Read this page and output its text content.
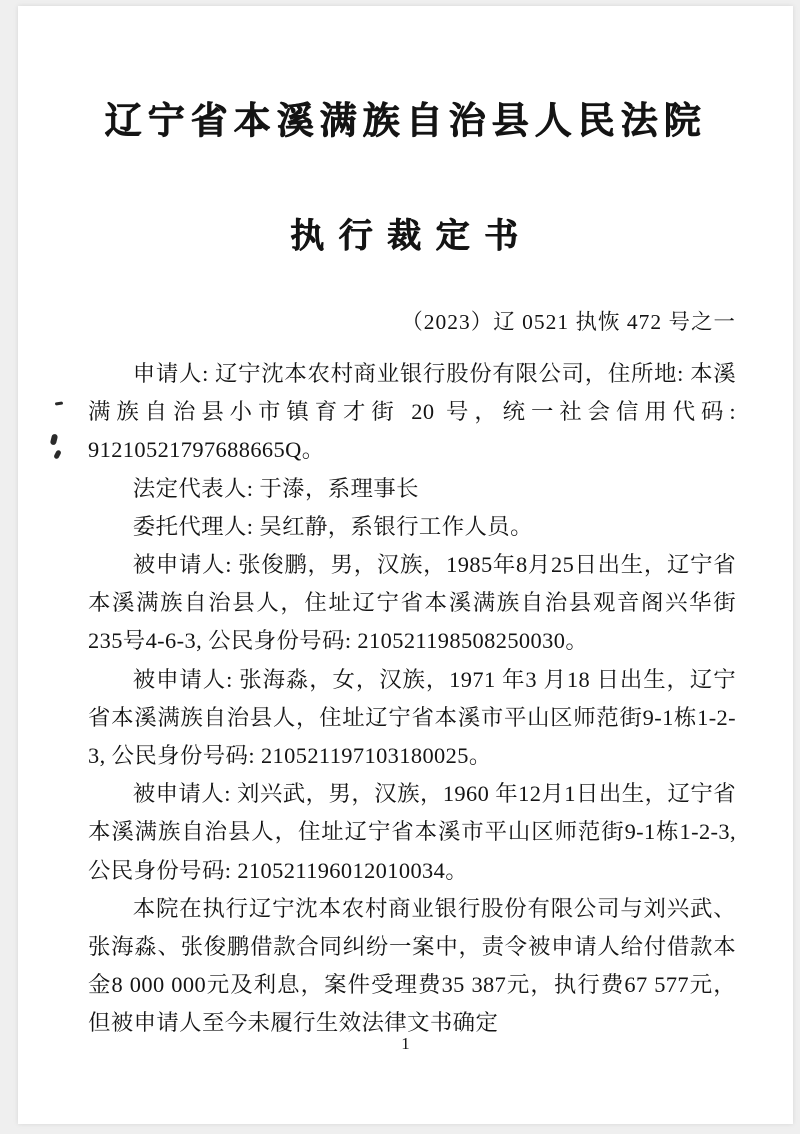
辽宁省本溪满族自治县人民法院
执 行 裁 定 书
（2023）辽 0521 执恢 472 号之一

申请人: 辽宁沈本农村商业银行股份有限公司，住所地: 本溪满族自治县小市镇育才街 20 号，统一社会信用代码: 91210521797688665Q。

法定代表人: 于溙，系理事长

委托代理人: 吴红静，系银行工作人员。

被申请人: 张俊鹏，男，汉族，1985年8月25日出生，辽宁省本溪满族自治县人，住址辽宁省本溪满族自治县观音阁兴华街235号4-6-3, 公民身份号码: 210521198508250030。

被申请人: 张海淼，女，汉族，1971 年3 月18 日出生，辽宁省本溪满族自治县人，住址辽宁省本溪市平山区师范街9-1栋1-2-3, 公民身份号码: 210521197103180025。

被申请人: 刘兴武，男，汉族，1960 年12月1日出生，辽宁省本溪满族自治县人，住址辽宁省本溪市平山区师范街9-1栋1-2-3, 公民身份号码: 210521196012010034。

本院在执行辽宁沈本农村商业银行股份有限公司与刘兴武、张海淼、张俊鹏借款合同纠纷一案中，责令被申请人给付借款本金8 000 000元及利息，案件受理费35 387元，执行费67 577元，但被申请人至今未履行生效法律文书确定

1
